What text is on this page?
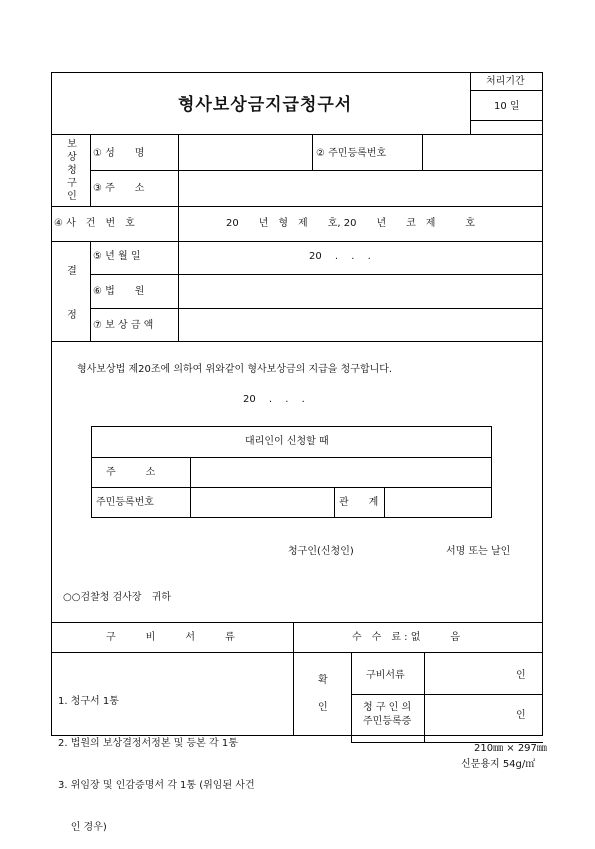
형사보상금지급청구서
처리기간
10 일
보
상
청
구
인
① 성　　명	② 주민등록번호
③ 주　　소
④ 사　건　번　호	20　　년　형　제　　호, 20　　년　　코　제　　　호
결
정
⑤ 년 월 일	20　 .　 .　 .
⑥ 법　　원
⑦ 보 상 금 액
형사보상법 제20조에 의하여 위와같이 형사보상금의 지급을 청구합니다.
20　 .　 .　 .
대리인이 신청할 때
주　　　소
주민등록번호	관　　계
청구인(신청인)	서명 또는 날인
○○검찰청 검사장　귀하
구　　　비　　　서　　　류	수　수　료 : 없　　　음

1. 청구서 1통

2. 법원의 보상결정서정본 및 등본 각 1통

3. 위임장 및 인감증명서 각 1통 (위임된 사건

인 경우)

확
인
구비서류	인
청 구 인 의
주민등록증
인
210㎜ × 297㎜
신문용지 54g/㎡
